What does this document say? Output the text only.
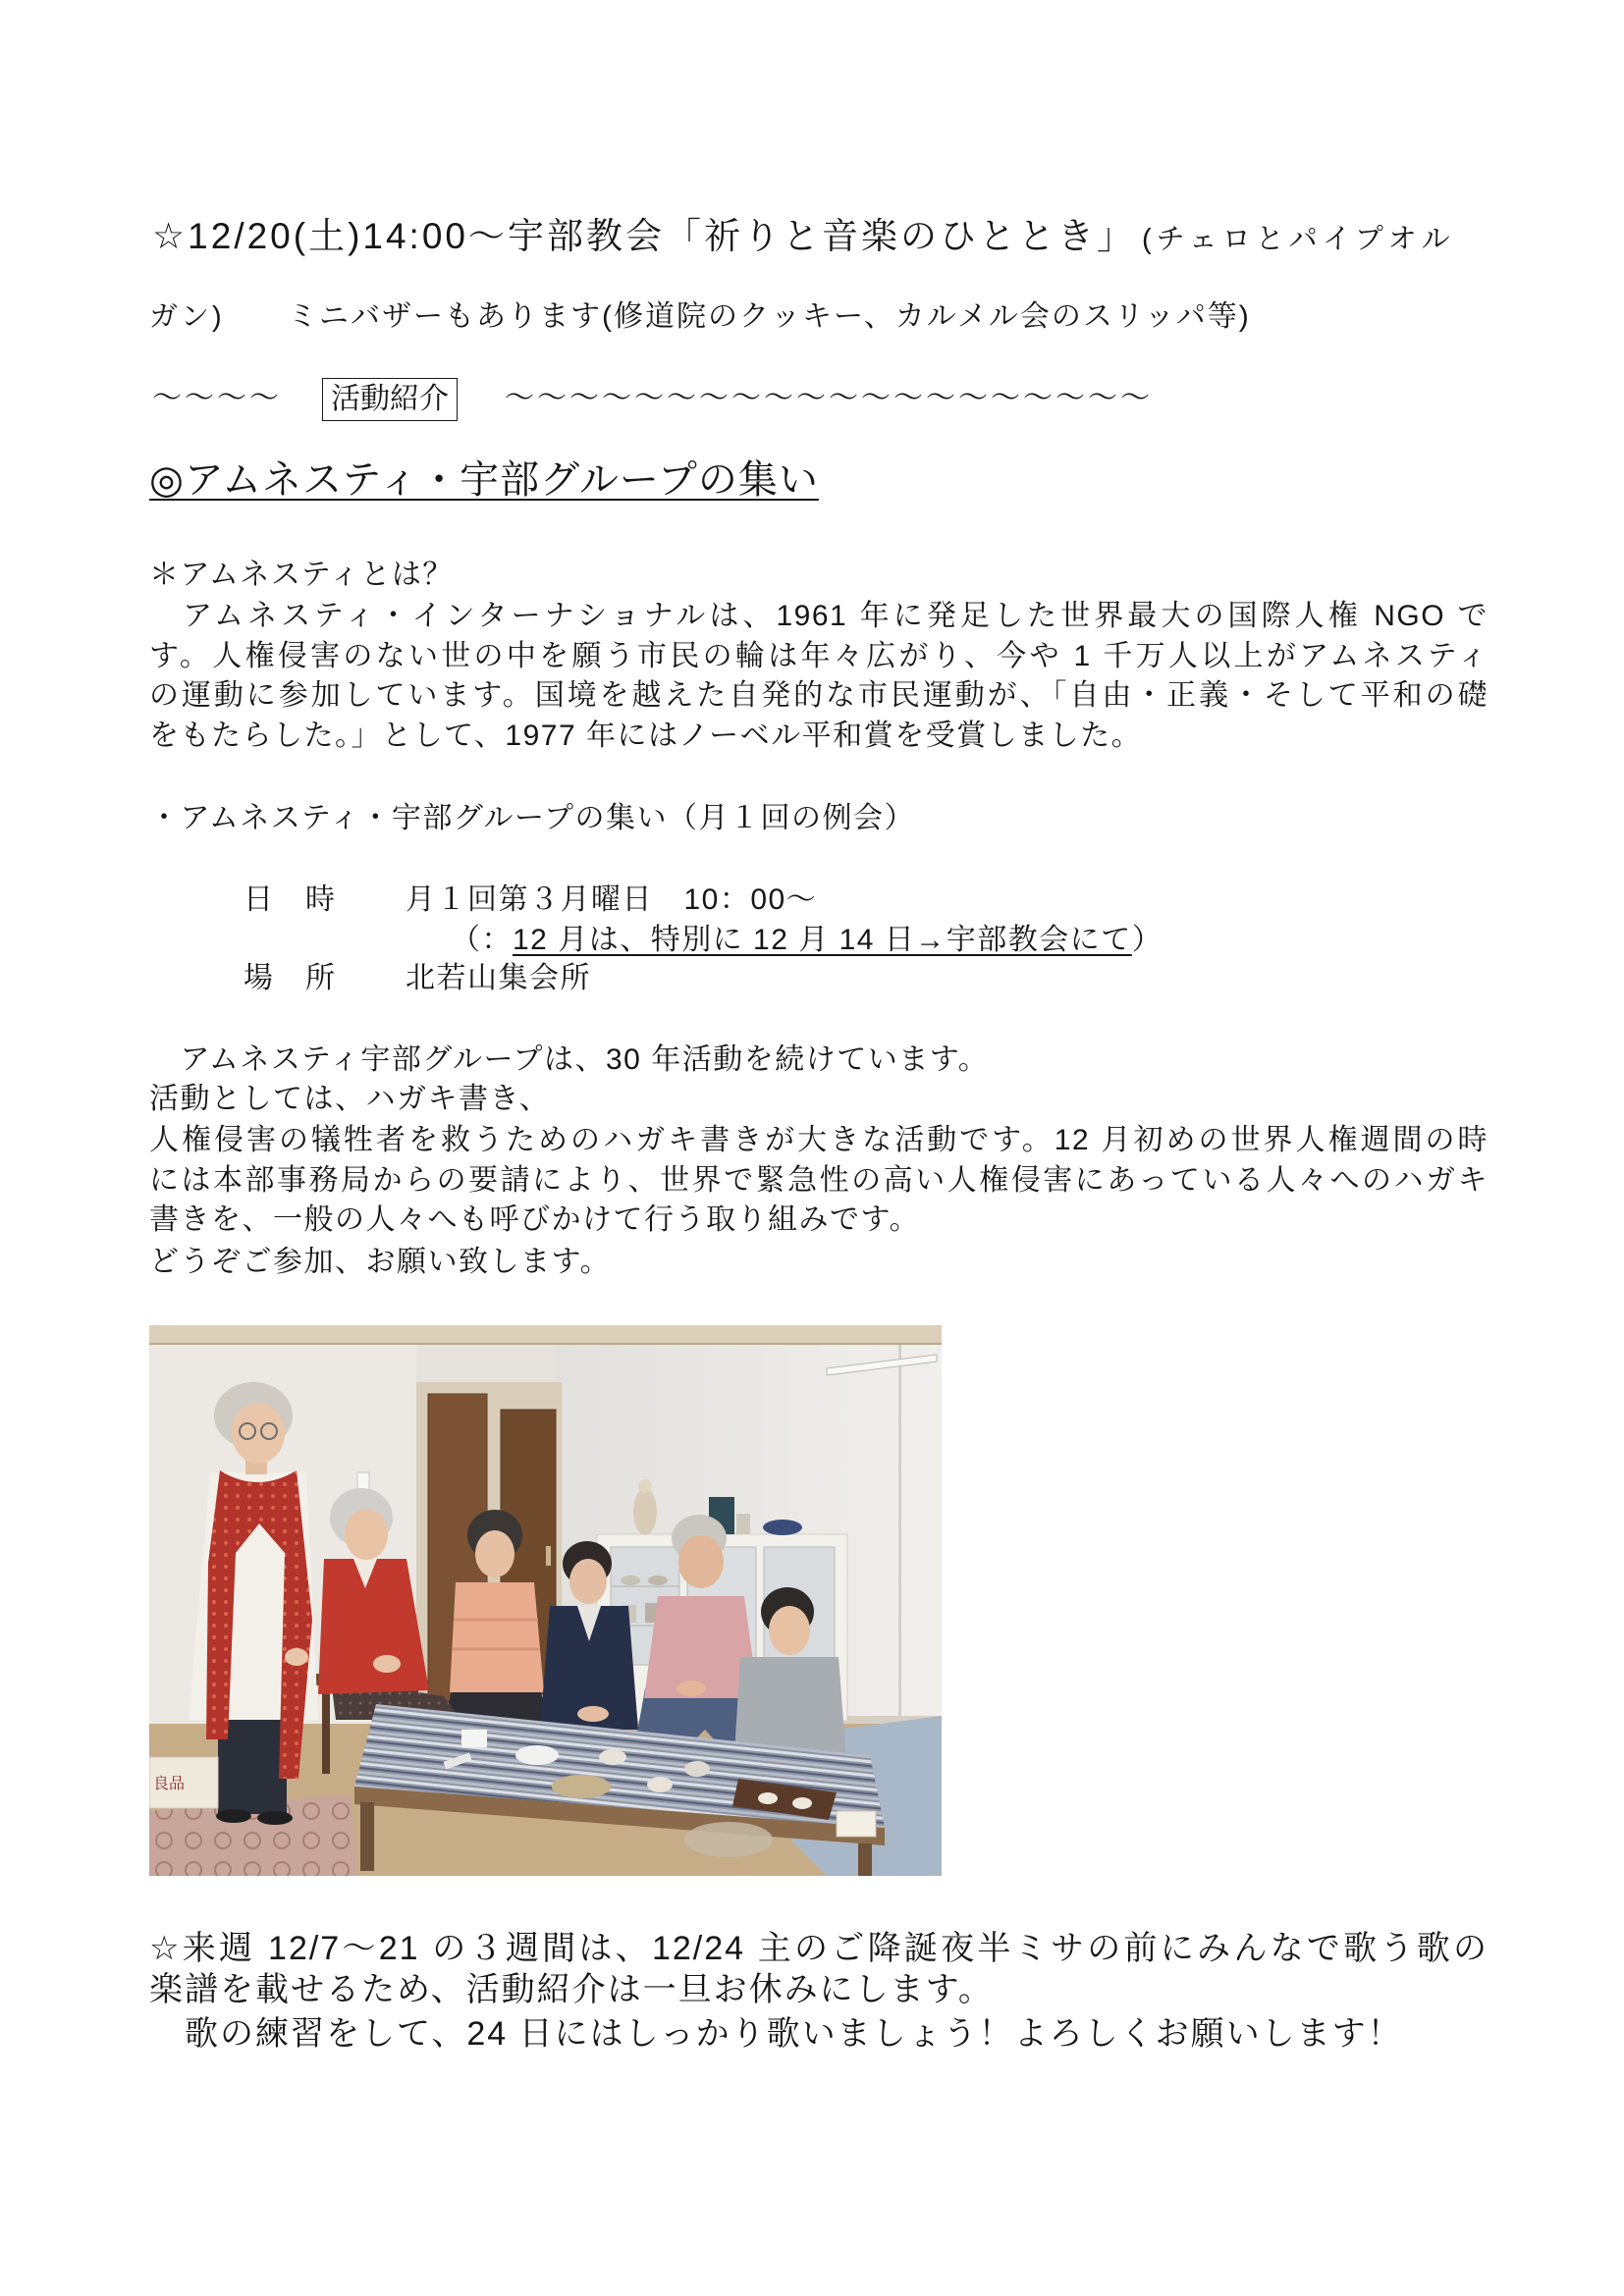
☆12/20(土)14:00～宇部教会「祈りと音楽のひととき」 (チェロとパイプオル
ガン) ミニバザーもあります(修道院のクッキー、カルメル会のスリッパ等)
～～～～	活動紹介	～～～～～～～～～～～～～～～～～～～～
◎アムネスティ・宇部グループの集い
＊アムネスティとは？
　アムネスティ・インターナショナルは、1961 年に発足した世界最大の国際人権 NGO で
す。人権侵害のない世の中を願う市民の輪は年々広がり、今や 1 千万人以上がアムネスティ
の運動に参加しています。国境を越えた自発的な市民運動が、「自由・正義・そして平和の礎
をもたらした。」として、1977 年にはノーベル平和賞を受賞しました。
・アムネスティ・宇部グループの集い（月１回の例会）
日　時 月１回第３月曜日　10：00～
（：12 月は、特別に 12 月 14 日→宇部教会にて）
場　所 北若山集会所
　アムネスティ宇部グループは、30 年活動を続けています。
活動としては、ハガキ書き、
人権侵害の犠牲者を救うためのハガキ書きが大きな活動です。12 月初めの世界人権週間の時
には本部事務局からの要請により、世界で緊急性の高い人権侵害にあっている人々へのハガキ
書きを、一般の人々へも呼びかけて行う取り組みです。
どうぞご参加、お願い致します。
良品
☆来週 12/7～21 の３週間は、12/24 主のご降誕夜半ミサの前にみんなで歌う歌の
楽譜を載せるため、活動紹介は一旦お休みにします。
　歌の練習をして、24 日にはしっかり歌いましょう！よろしくお願いします！
